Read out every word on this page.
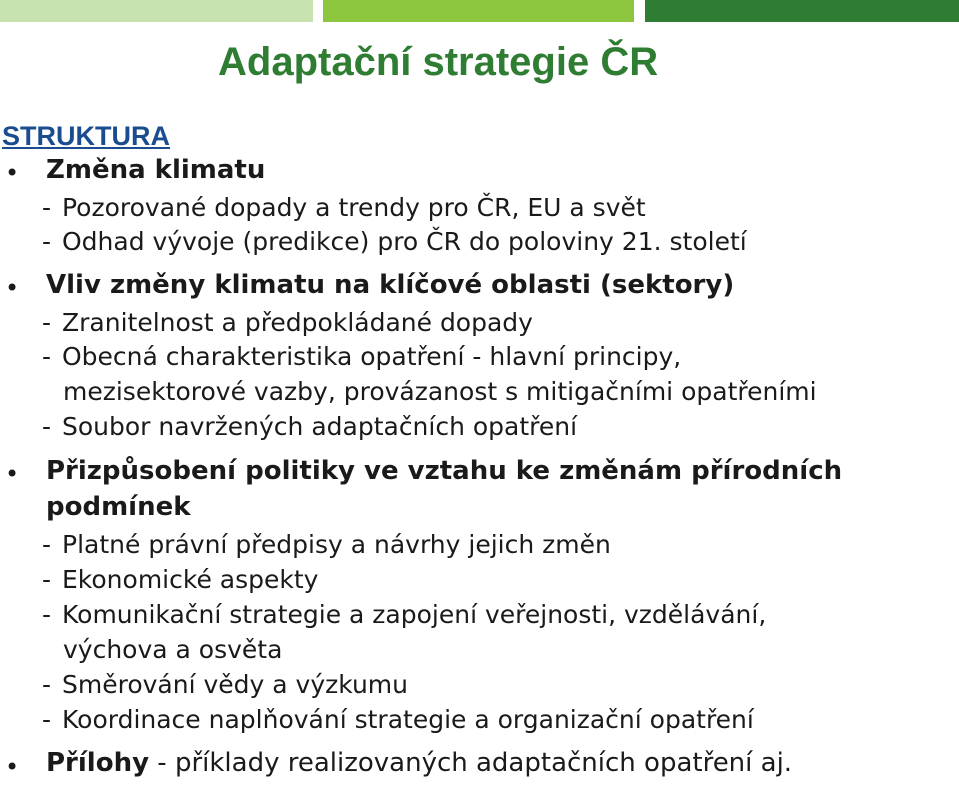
Adaptační strategie ČR
STRUKTURA
• Změna klimatu
- Pozorované dopady a trendy pro ČR, EU a svět
- Odhad vývoje (predikce) pro ČR do poloviny 21. století
• Vliv změny klimatu na klíčové oblasti (sektory)
- Zranitelnost a předpokládané dopady
- Obecná charakteristika opatření - hlavní principy,
mezisektorové vazby, provázanost s mitigačními opatřeními
- Soubor navržených adaptačních opatření
• Přizpůsobení politiky ve vztahu ke změnám přírodních
podmínek
- Platné právní předpisy a návrhy jejich změn
- Ekonomické aspekty
- Komunikační strategie a zapojení veřejnosti, vzdělávání,
výchova a osvěta
- Směrování vědy a výzkumu
- Koordinace naplňování strategie a organizační opatření
• Přílohy - příklady realizovaných adaptačních opatření aj.
